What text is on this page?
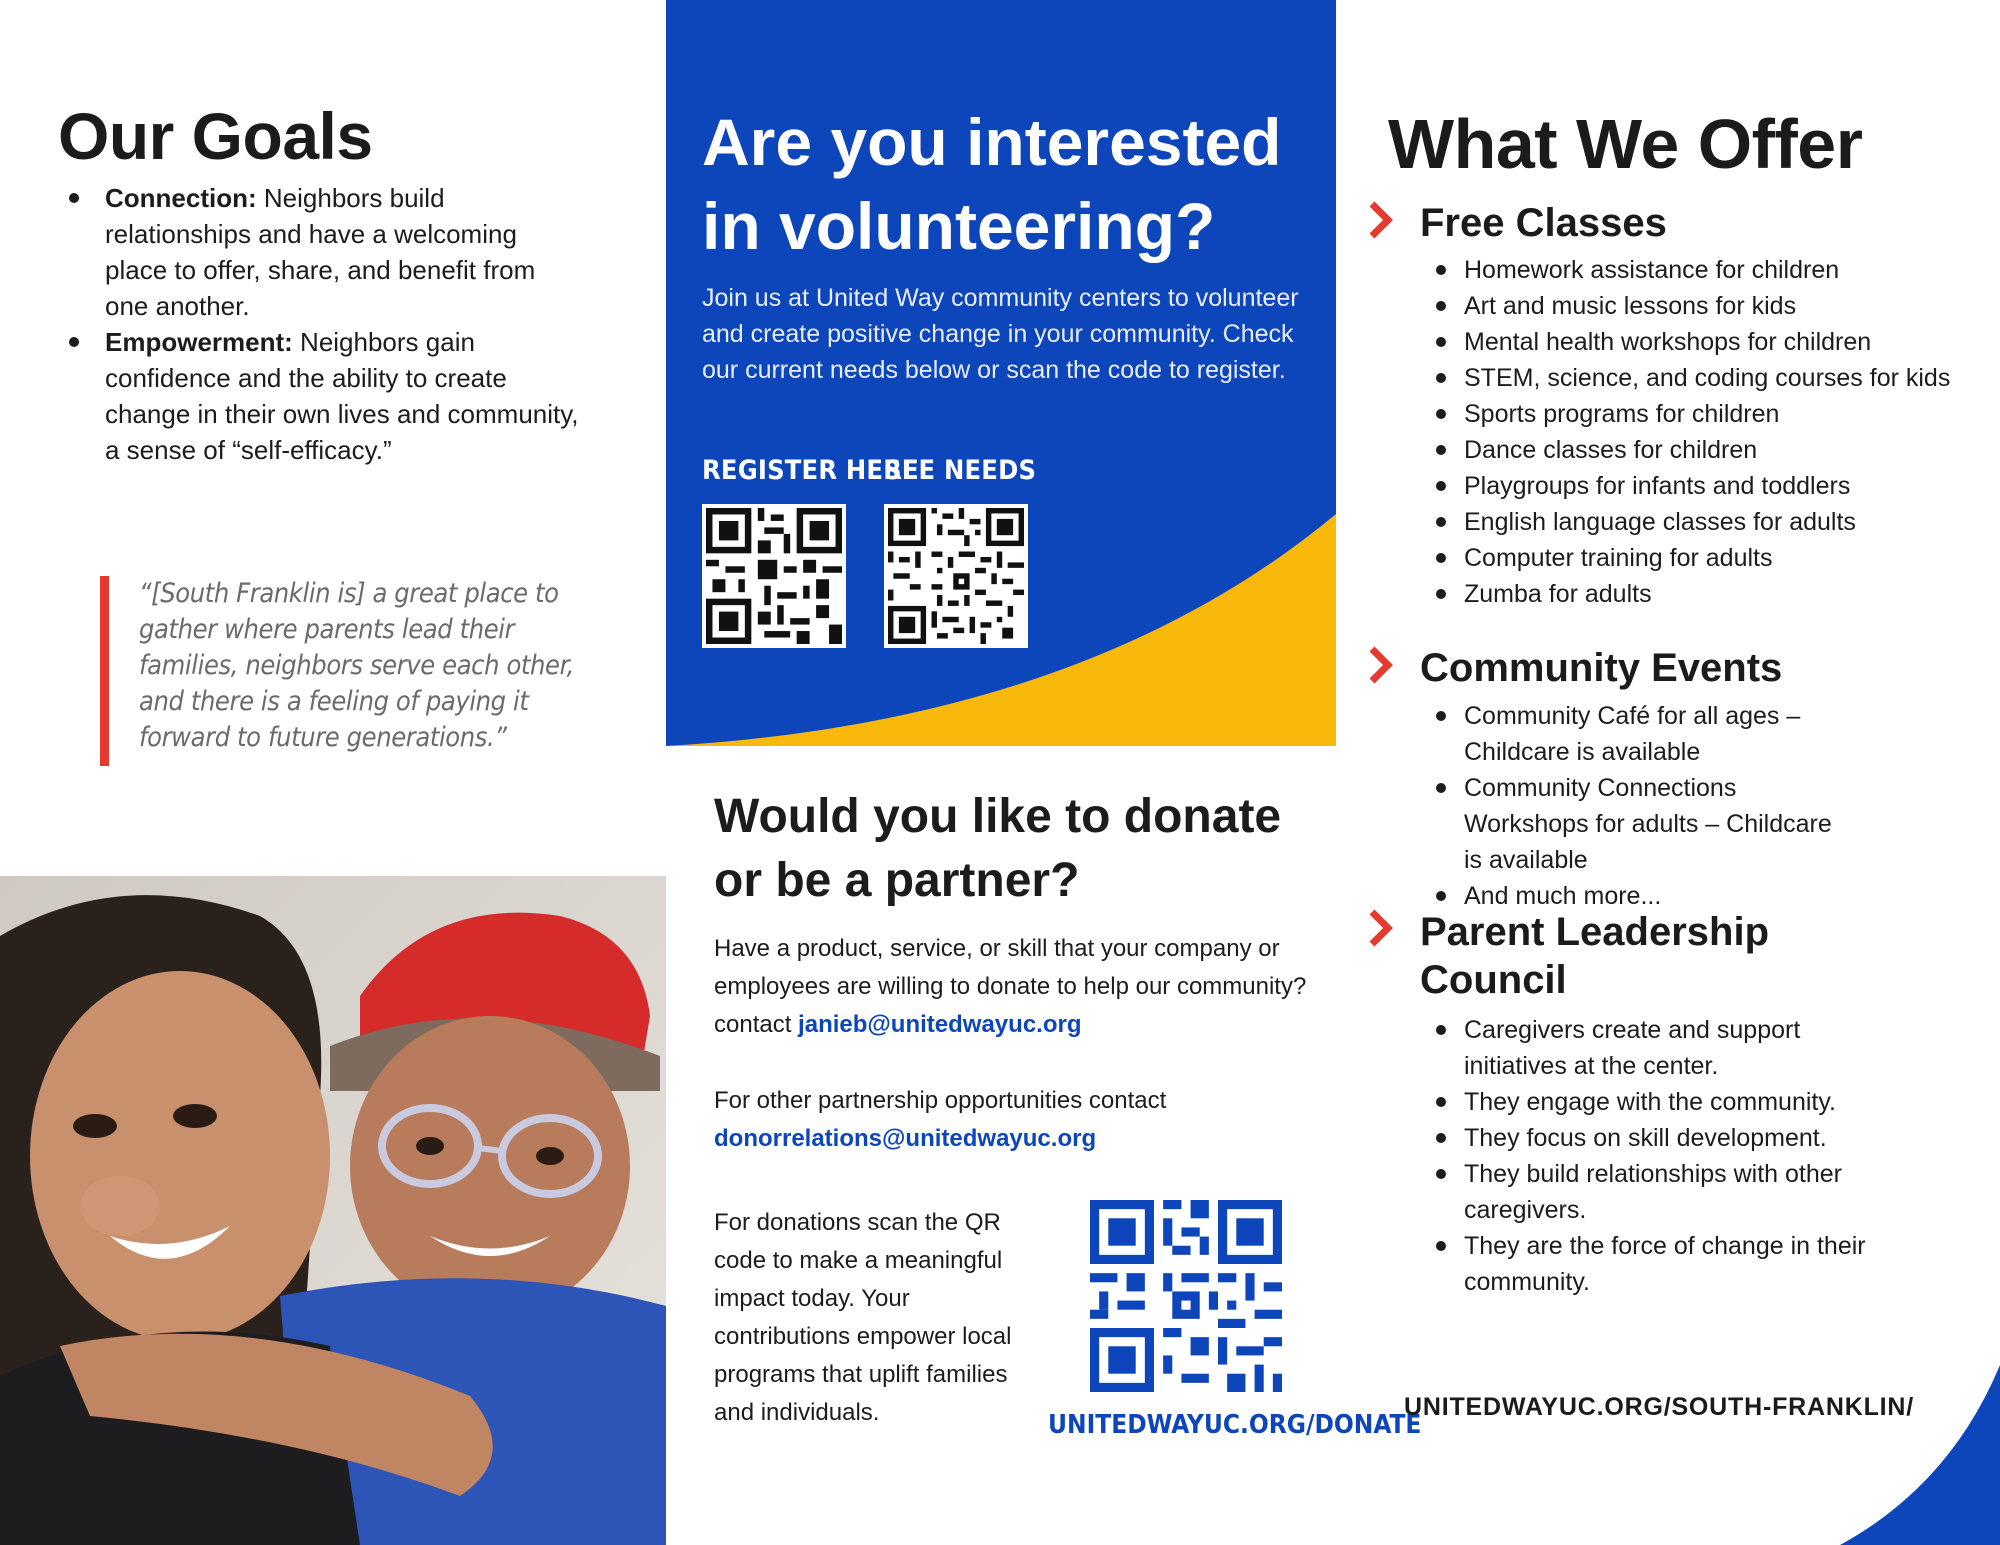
Our Goals
Connection: Neighbors build relationships and have a welcoming place to offer, share, and benefit from one another.
Empowerment: Neighbors gain confidence and the ability to create change in their own lives and community, a sense of “self-efficacy.”

“[South Franklin is] a great place to gather where parents lead their families, neighbors serve each other, and there is a feeling of paying it forward to future generations.”

Are you interested in volunteering?

Join us at United Way community centers to volunteer and create positive change in your community. Check our current needs below or scan the code to register.

REGISTER HERE
SEE NEEDS
Would you like to donate or be a partner?

Have a product, service, or skill that your company or employees are willing to donate to help our community? contact janieb@unitedwayuc.org

For other partnership opportunities contact
donorrelations@unitedwayuc.org

For donations scan the QR code to make a meaningful impact today. Your contributions empower local programs that uplift families and individuals.	UNITEDWAYUC.ORG/DONATE
What We Offer
Free Classes
Homework assistance for children
Art and music lessons for kids
Mental health workshops for children
STEM, science, and coding courses for kids
Sports programs for children
Dance classes for children
Playgroups for infants and toddlers
English language classes for adults
Computer training for adults
Zumba for adults
Community Events
Community Café for all ages – Childcare is available
Community Connections Workshops for adults – Childcare is available
And much more...
Parent Leadership Council
Caregivers create and support initiatives at the center.
They engage with the community.
They focus on skill development.
They build relationships with other caregivers.
They are the force of change in their community.
UNITEDWAYUC.ORG/SOUTH-FRANKLIN/
